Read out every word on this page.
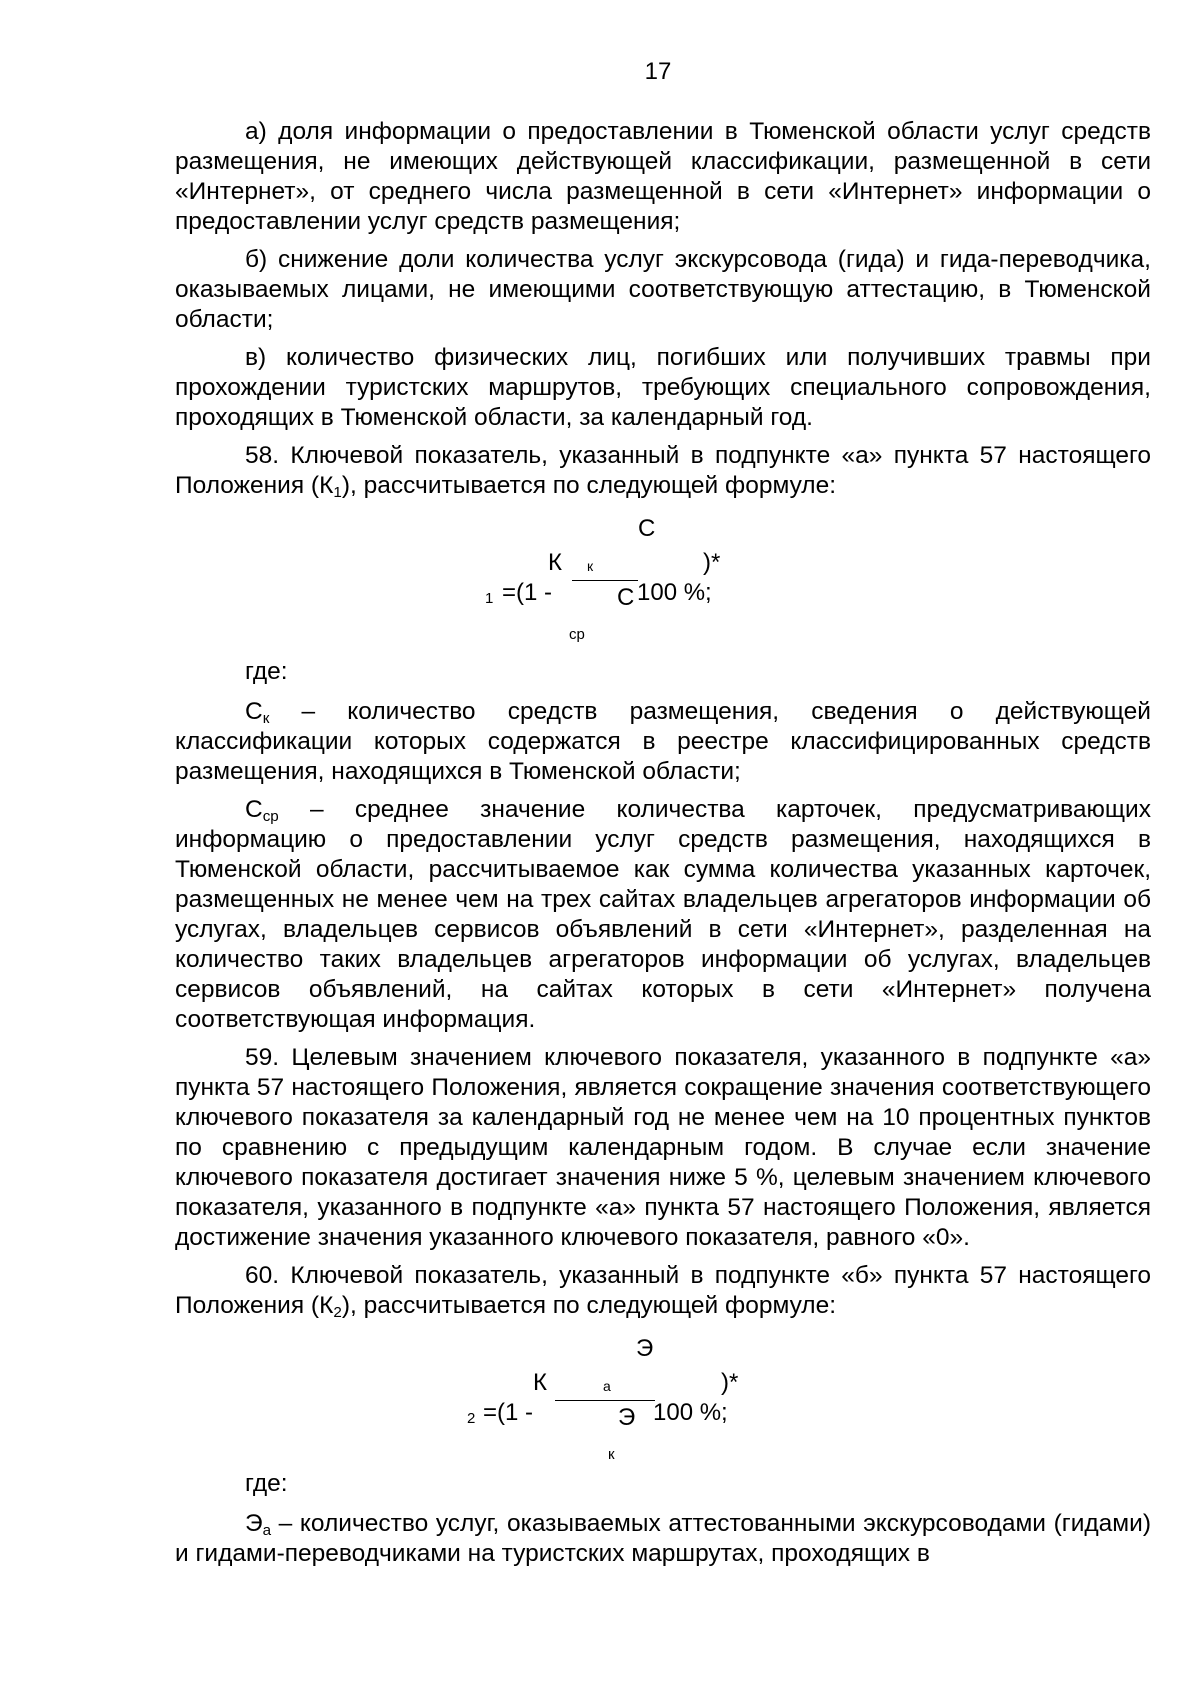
17

а) доля информации о предоставлении в Тюменской области услуг средств размещения, не имеющих действующей классификации, размещенной в сети «Интернет», от среднего числа размещенной в сети «Интернет» информации о предоставлении услуг средств размещения;

б) снижение доли количества услуг экскурсовода (гида) и гида-переводчика, оказываемых лицами, не имеющими соответствующую аттестацию, в Тюменской области;

в) количество физических лиц, погибших или получивших травмы при прохождении туристских маршрутов, требующих специального сопровождения, проходящих в Тюменской области, за календарный год.

58. Ключевой показатель, указанный в подпункте «а» пункта 57 настоящего Положения $(К_1)$, рассчитывается по следующей формуле:

С
К к	)*
1 =(1 -	С 100 %;
ср

где:

$С_к$ – количество средств размещения, сведения о действующей классификации которых содержатся в реестре классифицированных средств размещения, находящихся в Тюменской области;

$С_{ср}$ – среднее значение количества карточек, предусматривающих информацию о предоставлении услуг средств размещения, находящихся в Тюменской области, рассчитываемое как сумма количества указанных карточек, размещенных не менее чем на трех сайтах владельцев агрегаторов информации об услугах, владельцев сервисов объявлений в сети «Интернет», разделенная на количество таких владельцев агрегаторов информации об услугах, владельцев сервисов объявлений, на сайтах которых в сети «Интернет» получена соответствующая информация.

59. Целевым значением ключевого показателя, указанного в подпункте «а» пункта 57 настоящего Положения, является сокращение значения соответствующего ключевого показателя за календарный год не менее чем на 10 процентных пунктов по сравнению с предыдущим календарным годом. В случае если значение ключевого показателя достигает значения ниже 5 %, целевым значением ключевого показателя, указанного в подпункте «а» пункта 57 настоящего Положения, является достижение значения указанного ключевого показателя, равного «0».

60. Ключевой показатель, указанный в подпункте «б» пункта 57 настоящего Положения $(К_2)$, рассчитывается по следующей формуле:

Э
К	а	)*
2 =(1 -	Э 100 %;
к

где:

$Э_а$ – количество услуг, оказываемых аттестованными экскурсоводами (гидами) и гидами-переводчиками на туристских маршрутах, проходящих в
